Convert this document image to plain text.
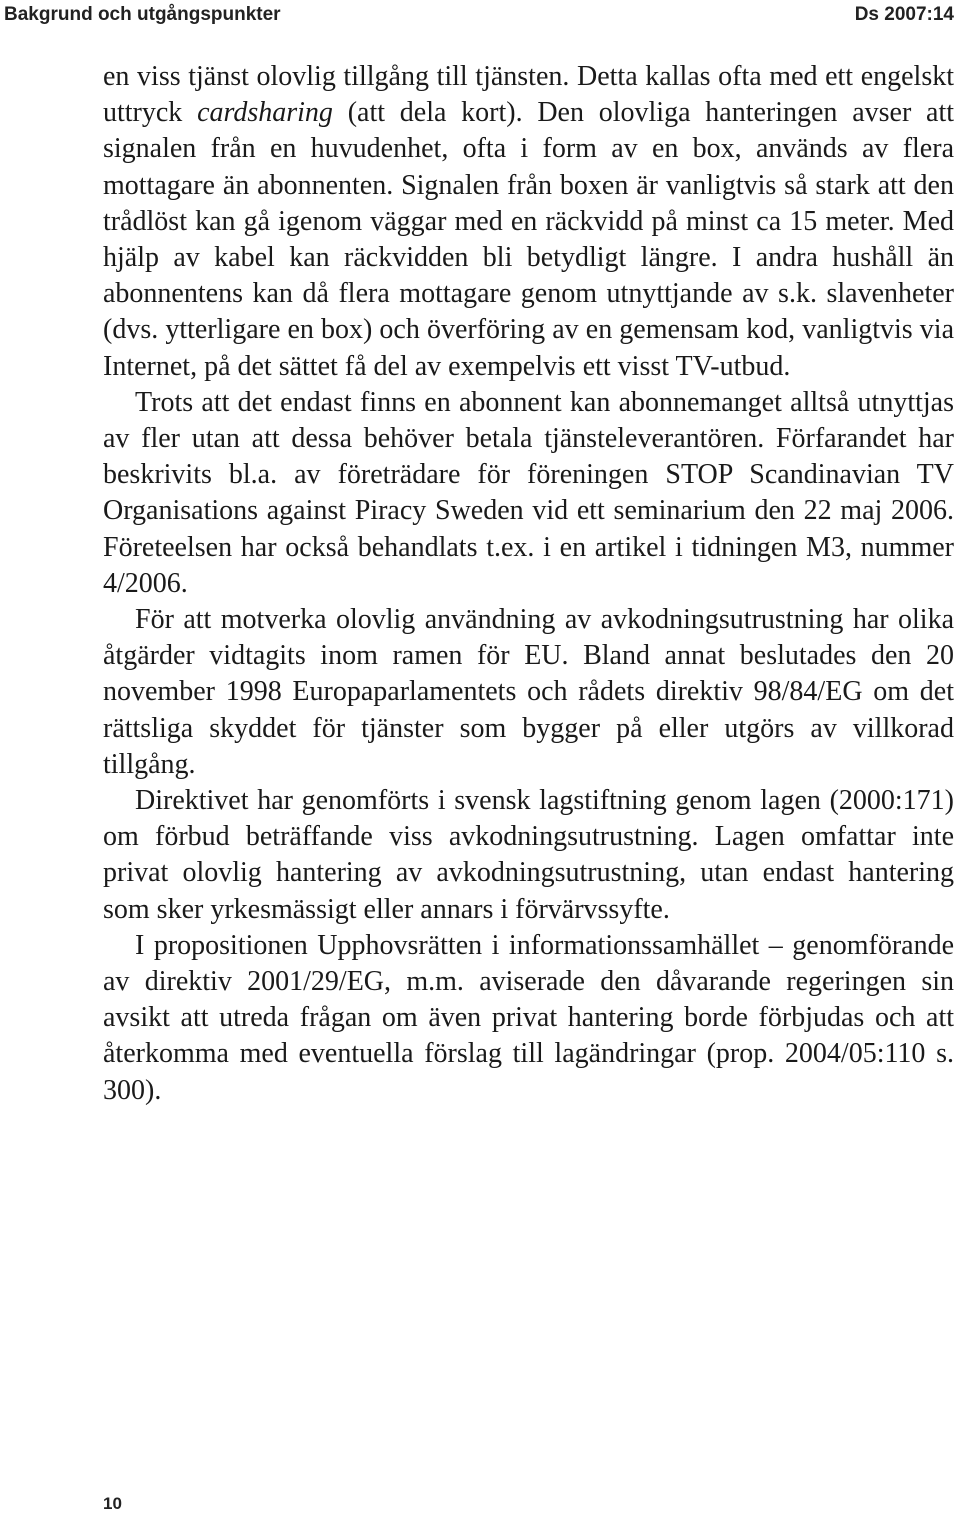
Bakgrund och utgångspunkter	Ds 2007:14

en viss tjänst olovlig tillgång till tjänsten. Detta kallas ofta med ett engelskt uttryck cardsharing (att dela kort). Den olovliga hanteringen avser att signalen från en huvudenhet, ofta i form av en box, används av flera mottagare än abonnenten. Signalen från boxen är vanligtvis så stark att den trådlöst kan gå igenom väggar med en räckvidd på minst ca 15 meter. Med hjälp av kabel kan räckvidden bli betydligt längre. I andra hushåll än abonnentens kan då flera mottagare genom utnyttjande av s.k. slavenheter (dvs. ytterligare en box) och överföring av en gemensam kod, vanligtvis via Internet, på det sättet få del av exempelvis ett visst TV-utbud.

Trots att det endast finns en abonnent kan abonnemanget alltså utnyttjas av fler utan att dessa behöver betala tjänsteleverantören. Förfarandet har beskrivits bl.a. av företrädare för föreningen STOP Scandinavian TV Organisations against Piracy Sweden vid ett seminarium den 22 maj 2006. Företeelsen har också behandlats t.ex. i en artikel i tidningen M3, nummer 4/2006.

För att motverka olovlig användning av avkodningsutrustning har olika åtgärder vidtagits inom ramen för EU. Bland annat beslutades den 20 november 1998 Europaparlamentets och rådets direktiv 98/84/EG om det rättsliga skyddet för tjänster som bygger på eller utgörs av villkorad tillgång.

Direktivet har genomförts i svensk lagstiftning genom lagen (2000:171) om förbud beträffande viss avkodningsutrustning. Lagen omfattar inte privat olovlig hantering av avkodningsutrustning, utan endast hantering som sker yrkesmässigt eller annars i förvärvssyfte.

I propositionen Upphovsrätten i informationssamhället – genomförande av direktiv 2001/29/EG, m.m. aviserade den dåvarande regeringen sin avsikt att utreda frågan om även privat hantering borde förbjudas och att återkomma med eventuella förslag till lagändringar (prop. 2004/05:110 s. 300).

10
